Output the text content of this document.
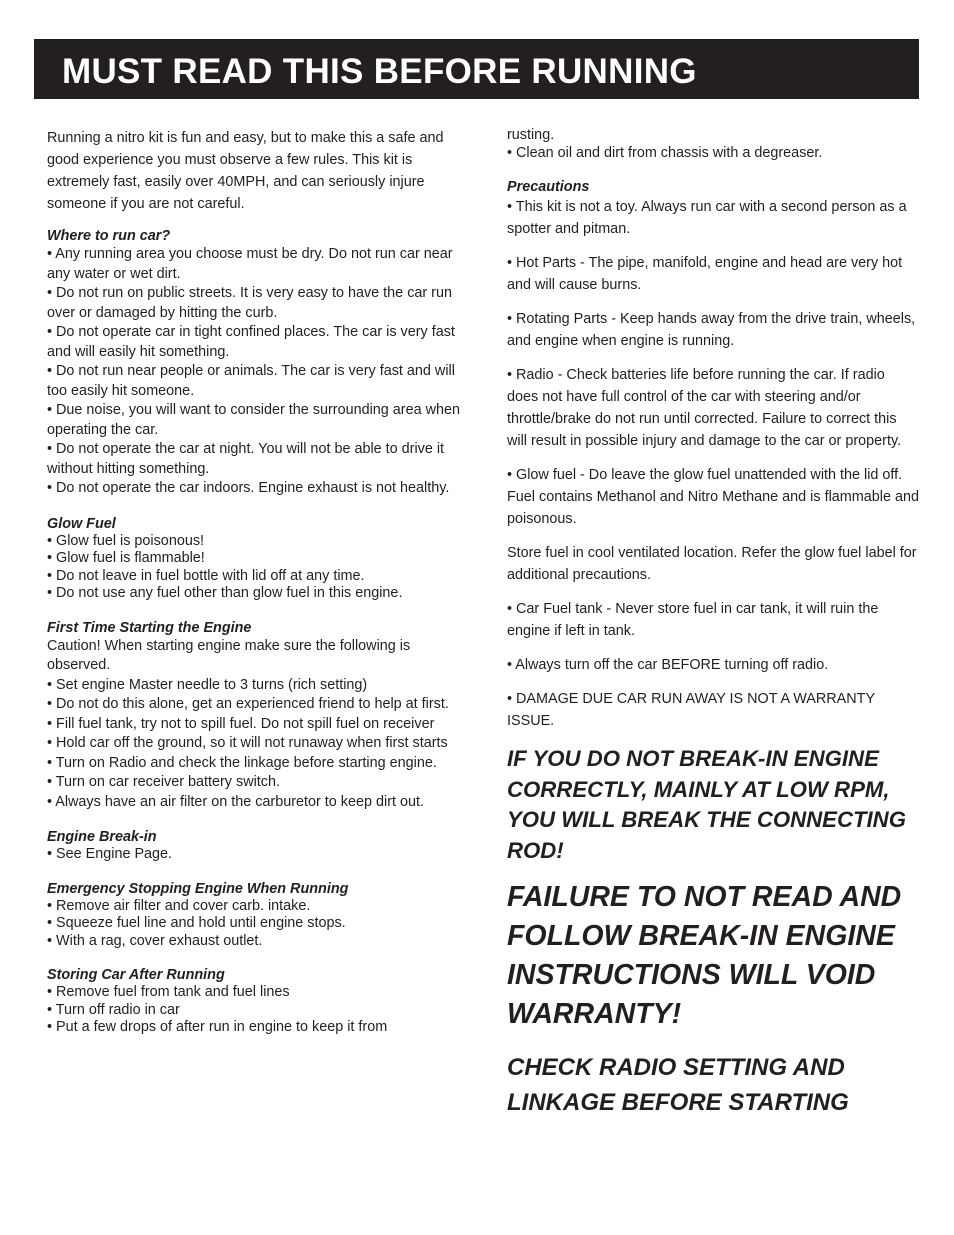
MUST READ THIS BEFORE RUNNING

Running a nitro kit is fun and easy, but to make this a safe and good experience you must observe a few rules. This kit is extremely fast, easily over 40MPH, and can seriously injure someone if you are not careful.

Where to run car?
• Any running area you choose must be dry. Do not run car near any water or wet dirt.
• Do not run on public streets. It is very easy to have the car run over or damaged by hitting the curb.
• Do not operate car in tight confined places. The car is very fast and will easily hit something.
• Do not run near people or animals. The car is very fast and will too easily hit someone.
• Due noise, you will want to consider the surrounding area when operating the car.
• Do not operate the car at night. You will not be able to drive it without hitting something.
• Do not operate the car indoors. Engine exhaust is not healthy.
Glow Fuel
• Glow fuel is poisonous!
• Glow fuel is flammable!
• Do not leave in fuel bottle with lid off at any time.
• Do not use any fuel other than glow fuel in this engine.
First Time Starting the Engine
Caution! When starting engine make sure the following is observed.
• Set engine Master needle to 3 turns (rich setting)
• Do not do this alone, get an experienced friend to help at first.
• Fill fuel tank, try not to spill fuel. Do not spill fuel on receiver
• Hold car off the ground, so it will not runaway when first starts
• Turn on Radio and check the linkage before starting engine.
• Turn on car receiver battery switch.
• Always have an air filter on the carburetor to keep dirt out.
Engine Break-in
• See Engine Page.
Emergency Stopping Engine When Running
• Remove air filter and cover carb. intake.
• Squeeze fuel line and hold until engine stops.
• With a rag, cover exhaust outlet.
Storing Car After Running
• Remove fuel from tank and fuel lines
• Turn off radio in car
• Put a few drops of after run in engine to keep it from
rusting.
• Clean oil and dirt from chassis with a degreaser.
Precautions
• This kit is not a toy. Always run car with a second person as a spotter and pitman.

• Hot Parts - The pipe, manifold, engine and head are very hot and will cause burns.

• Rotating Parts - Keep hands away from the drive train, wheels, and engine when engine is running.

• Radio - Check batteries life before running the car. If radio does not have full control of the car with steering and/or throttle/brake do not run until corrected. Failure to correct this will result in possible injury and damage to the car or property.

• Glow fuel - Do leave the glow fuel unattended with the lid off. Fuel contains Methanol and Nitro Methane and is flammable and poisonous.

Store fuel in cool ventilated location. Refer the glow fuel label for additional precautions.

• Car Fuel tank - Never store fuel in car tank, it will ruin the engine if left in tank.

• Always turn off the car BEFORE turning off radio.

• DAMAGE DUE CAR RUN AWAY IS NOT A WARRANTY ISSUE.

IF YOU DO NOT BREAK-IN ENGINE CORRECTLY, MAINLY AT LOW RPM, YOU WILL BREAK THE CONNECTING ROD!

FAILURE TO NOT READ AND FOLLOW BREAK-IN ENGINE INSTRUCTIONS WILL VOID WARRANTY!

CHECK RADIO SETTING AND LINKAGE BEFORE STARTING
